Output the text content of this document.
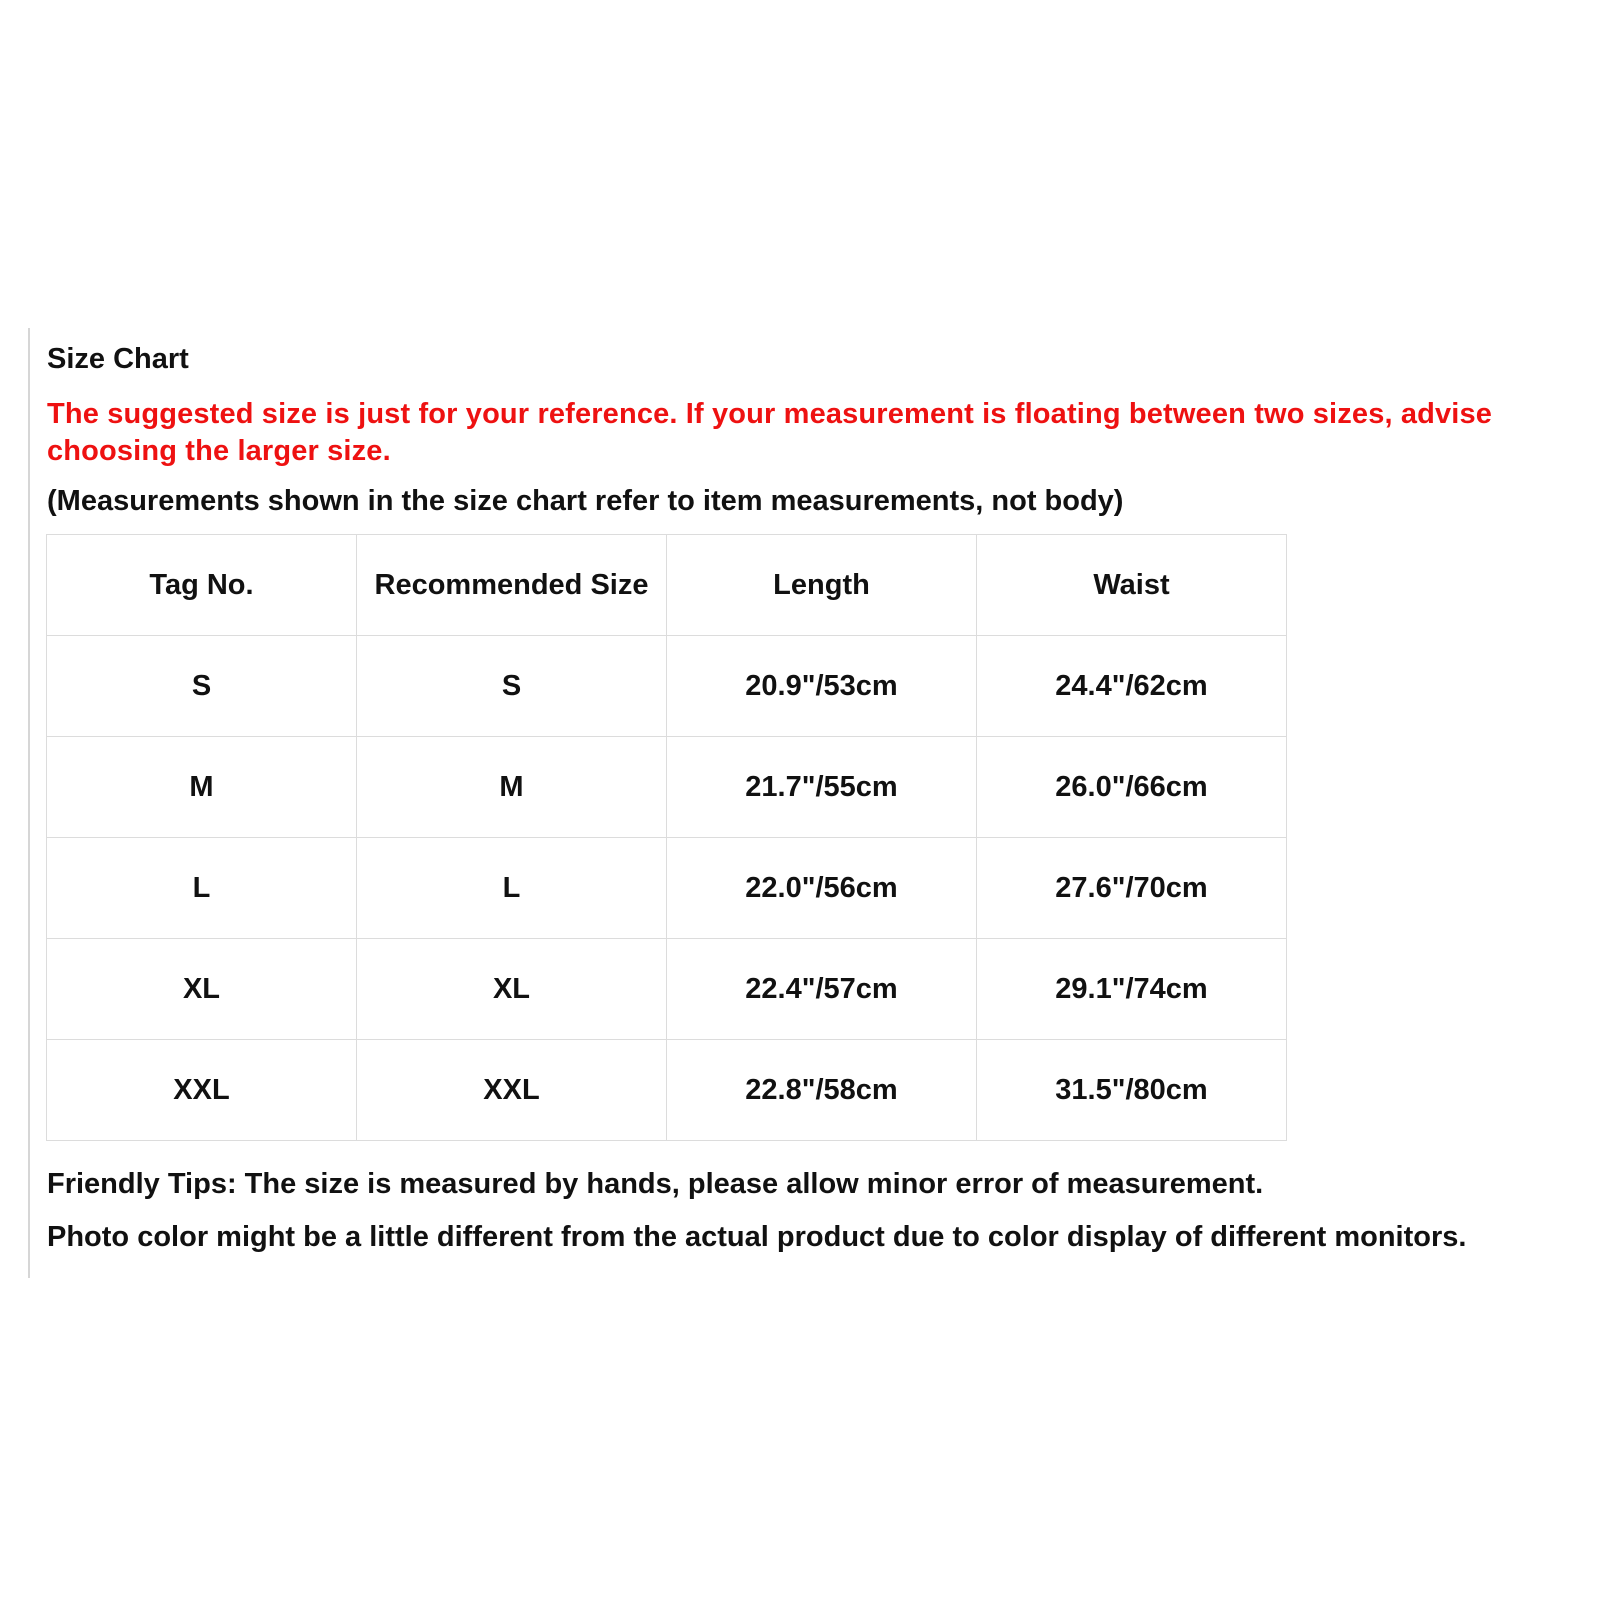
Size Chart
The suggested size is just for your reference. If your measurement is floating between two sizes, advise choosing the larger size.
(Measurements shown in the size chart refer to item measurements, not body)
Tag No.	Recommended Size	Length	Waist
S	S	20.9"/53cm	24.4"/62cm
M	M	21.7"/55cm	26.0"/66cm
L	L	22.0"/56cm	27.6"/70cm
XL	XL	22.4"/57cm	29.1"/74cm
XXL	XXL	22.8"/58cm	31.5"/80cm
Friendly Tips: The size is measured by hands, please allow minor error of measurement.
Photo color might be a little different from the actual product due to color display of different monitors.
